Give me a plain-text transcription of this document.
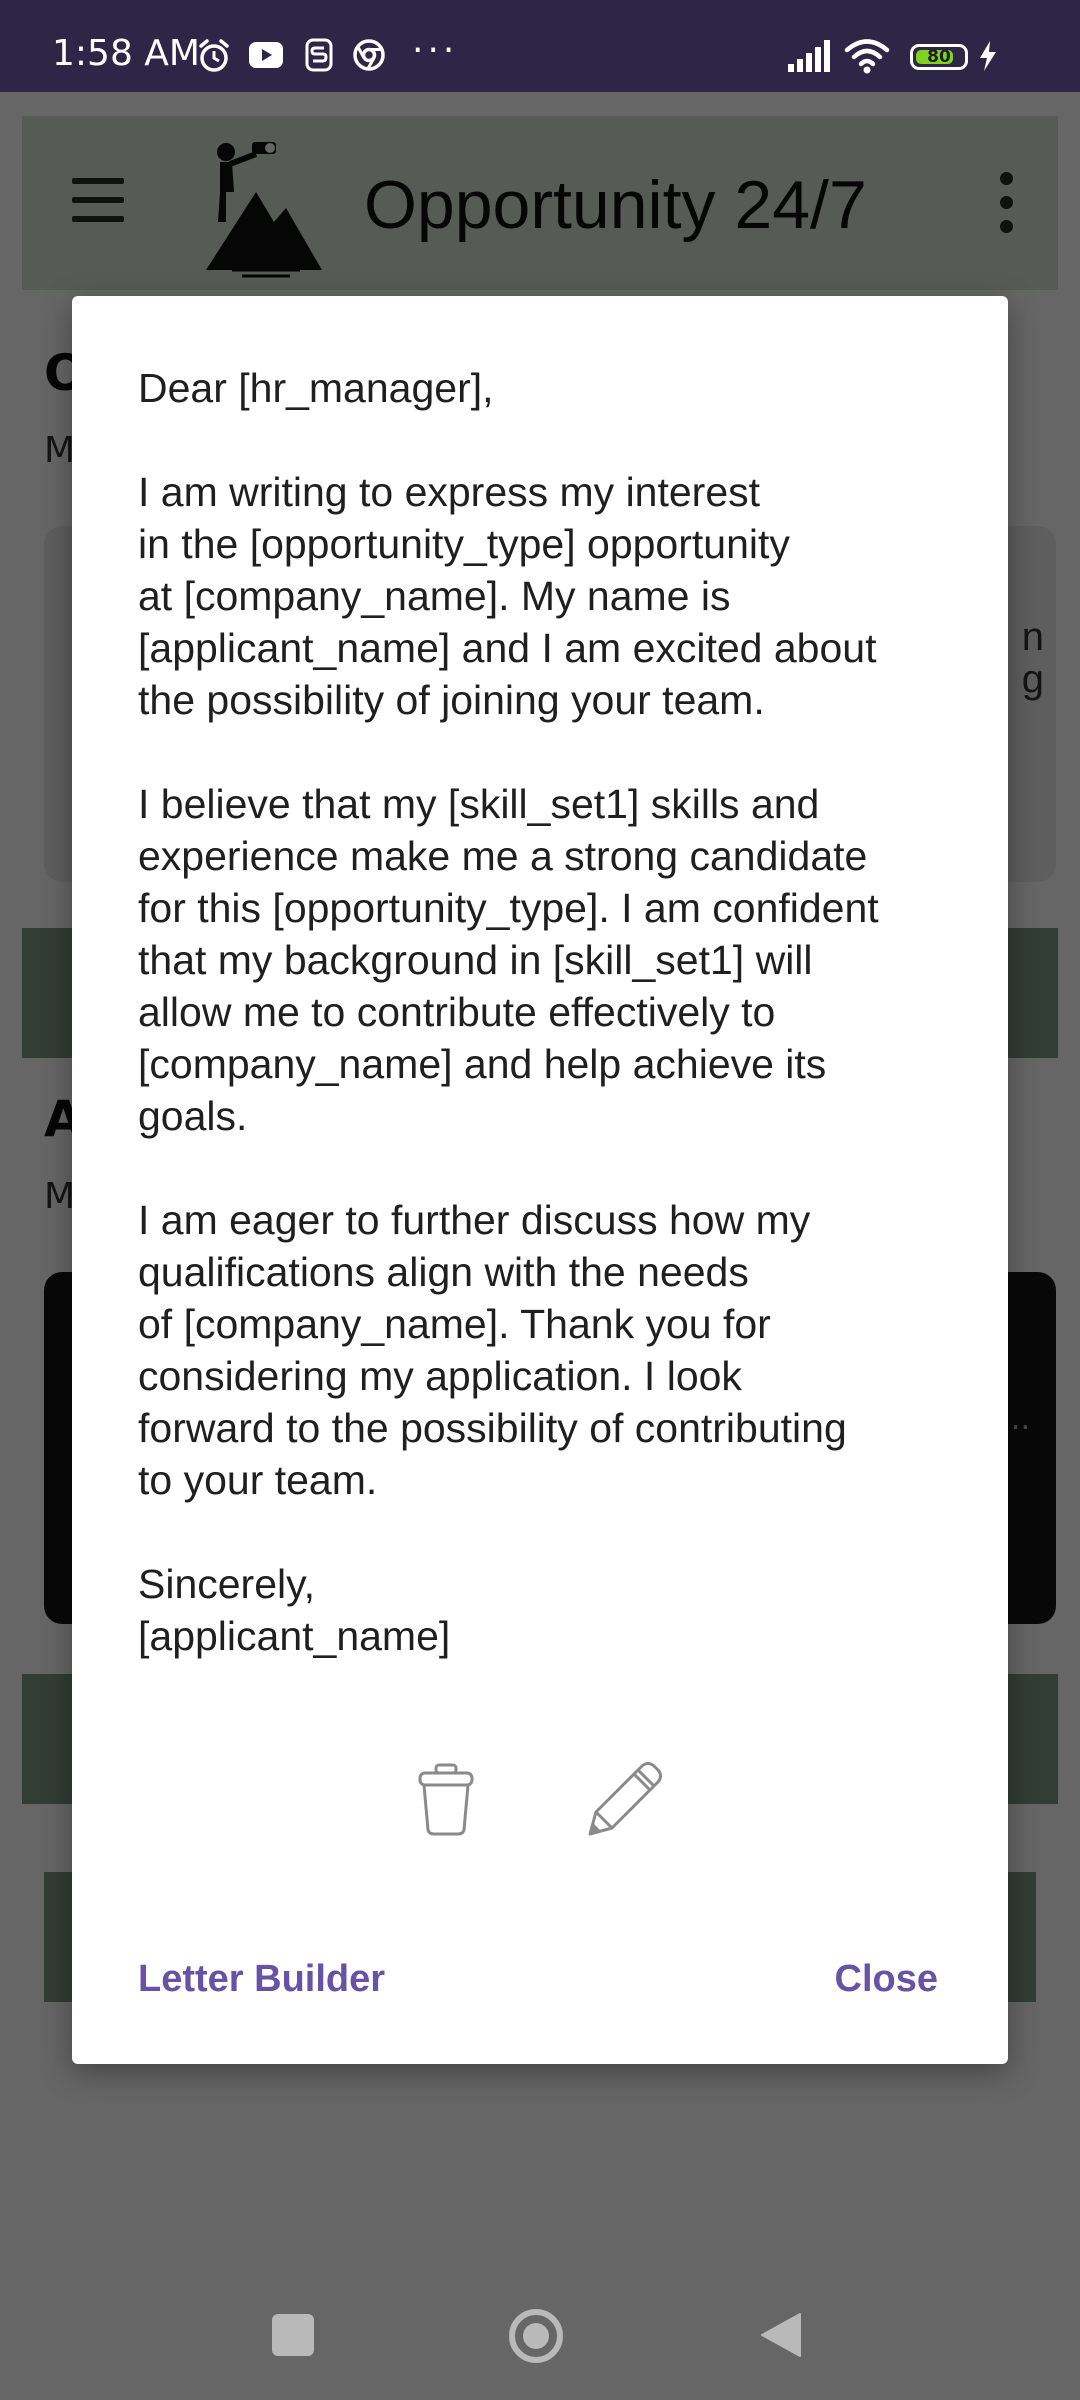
1:58 AM	···	80
Dear [hr_manager],

I am writing to express my interest
in the [opportunity_type] opportunity
at [company_name]. My name is
[applicant_name] and I am excited about
the possibility of joining your team.

I believe that my [skill_set1] skills and
experience make me a strong candidate
for this [opportunity_type]. I am confident
that my background in [skill_set1] will
allow me to contribute effectively to
[company_name] and help achieve its
goals.

I am eager to further discuss how my
qualifications align with the needs
of [company_name]. Thank you for
considering my application. I look
forward to the possibility of contributing
to your team.

Sincerely,
[applicant_name]
Letter Builder	Close
